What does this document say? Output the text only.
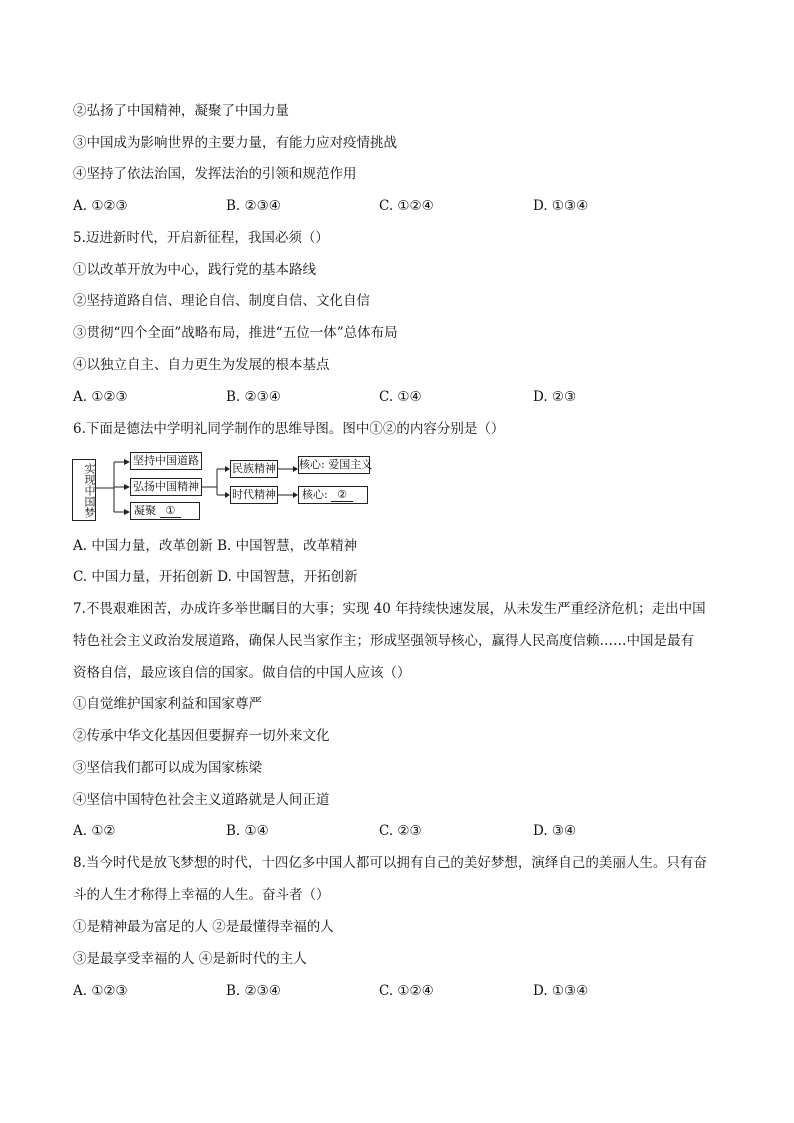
②弘扬了中国精神，凝聚了中国力量
③中国成为影响世界的主要力量，有能力应对疫情挑战
④坚持了依法治国，发挥法治的引领和规范作用
A. ①②③	B. ②③④	C. ①②④	D. ①③④
5.迈进新时代，开启新征程，我国必须（）
①以改革开放为中心，践行党的基本路线
②坚持道路自信、理论自信、制度自信、文化自信
③贯彻“四个全面”战略布局，推进“五位一体”总体布局
④以独立自主、自力更生为发展的根本基点
A. ①②③	B. ②③④	C. ①④	D. ②③
6.下面是德法中学明礼同学制作的思维导图。图中①②的内容分别是（）
实现中国梦
坚持中国道路
弘扬中国精神
凝聚 ①
民族精神
时代精神
核心: 爱国主义
核心: ②
A. 中国力量，改革创新 B. 中国智慧，改革精神
C. 中国力量，开拓创新 D. 中国智慧，开拓创新
7.不畏艰难困苦，办成许多举世瞩目的大事；实现 40 年持续快速发展，从未发生严重经济危机；走出中国
特色社会主义政治发展道路，确保人民当家作主；形成坚强领导核心，赢得人民高度信赖……中国是最有
资格自信，最应该自信的国家。做自信的中国人应该（）
①自觉维护国家利益和国家尊严
②传承中华文化基因但要摒弃一切外来文化
③坚信我们都可以成为国家栋梁
④坚信中国特色社会主义道路就是人间正道
A. ①②	B. ①④	C. ②③	D. ③④
8.当今时代是放飞梦想的时代，十四亿多中国人都可以拥有自己的美好梦想，演绎自己的美丽人生。只有奋
斗的人生才称得上幸福的人生。奋斗者（）
①是精神最为富足的人 ②是最懂得幸福的人
③是最享受幸福的人 ④是新时代的主人
A. ①②③	B. ②③④	C. ①②④	D. ①③④
